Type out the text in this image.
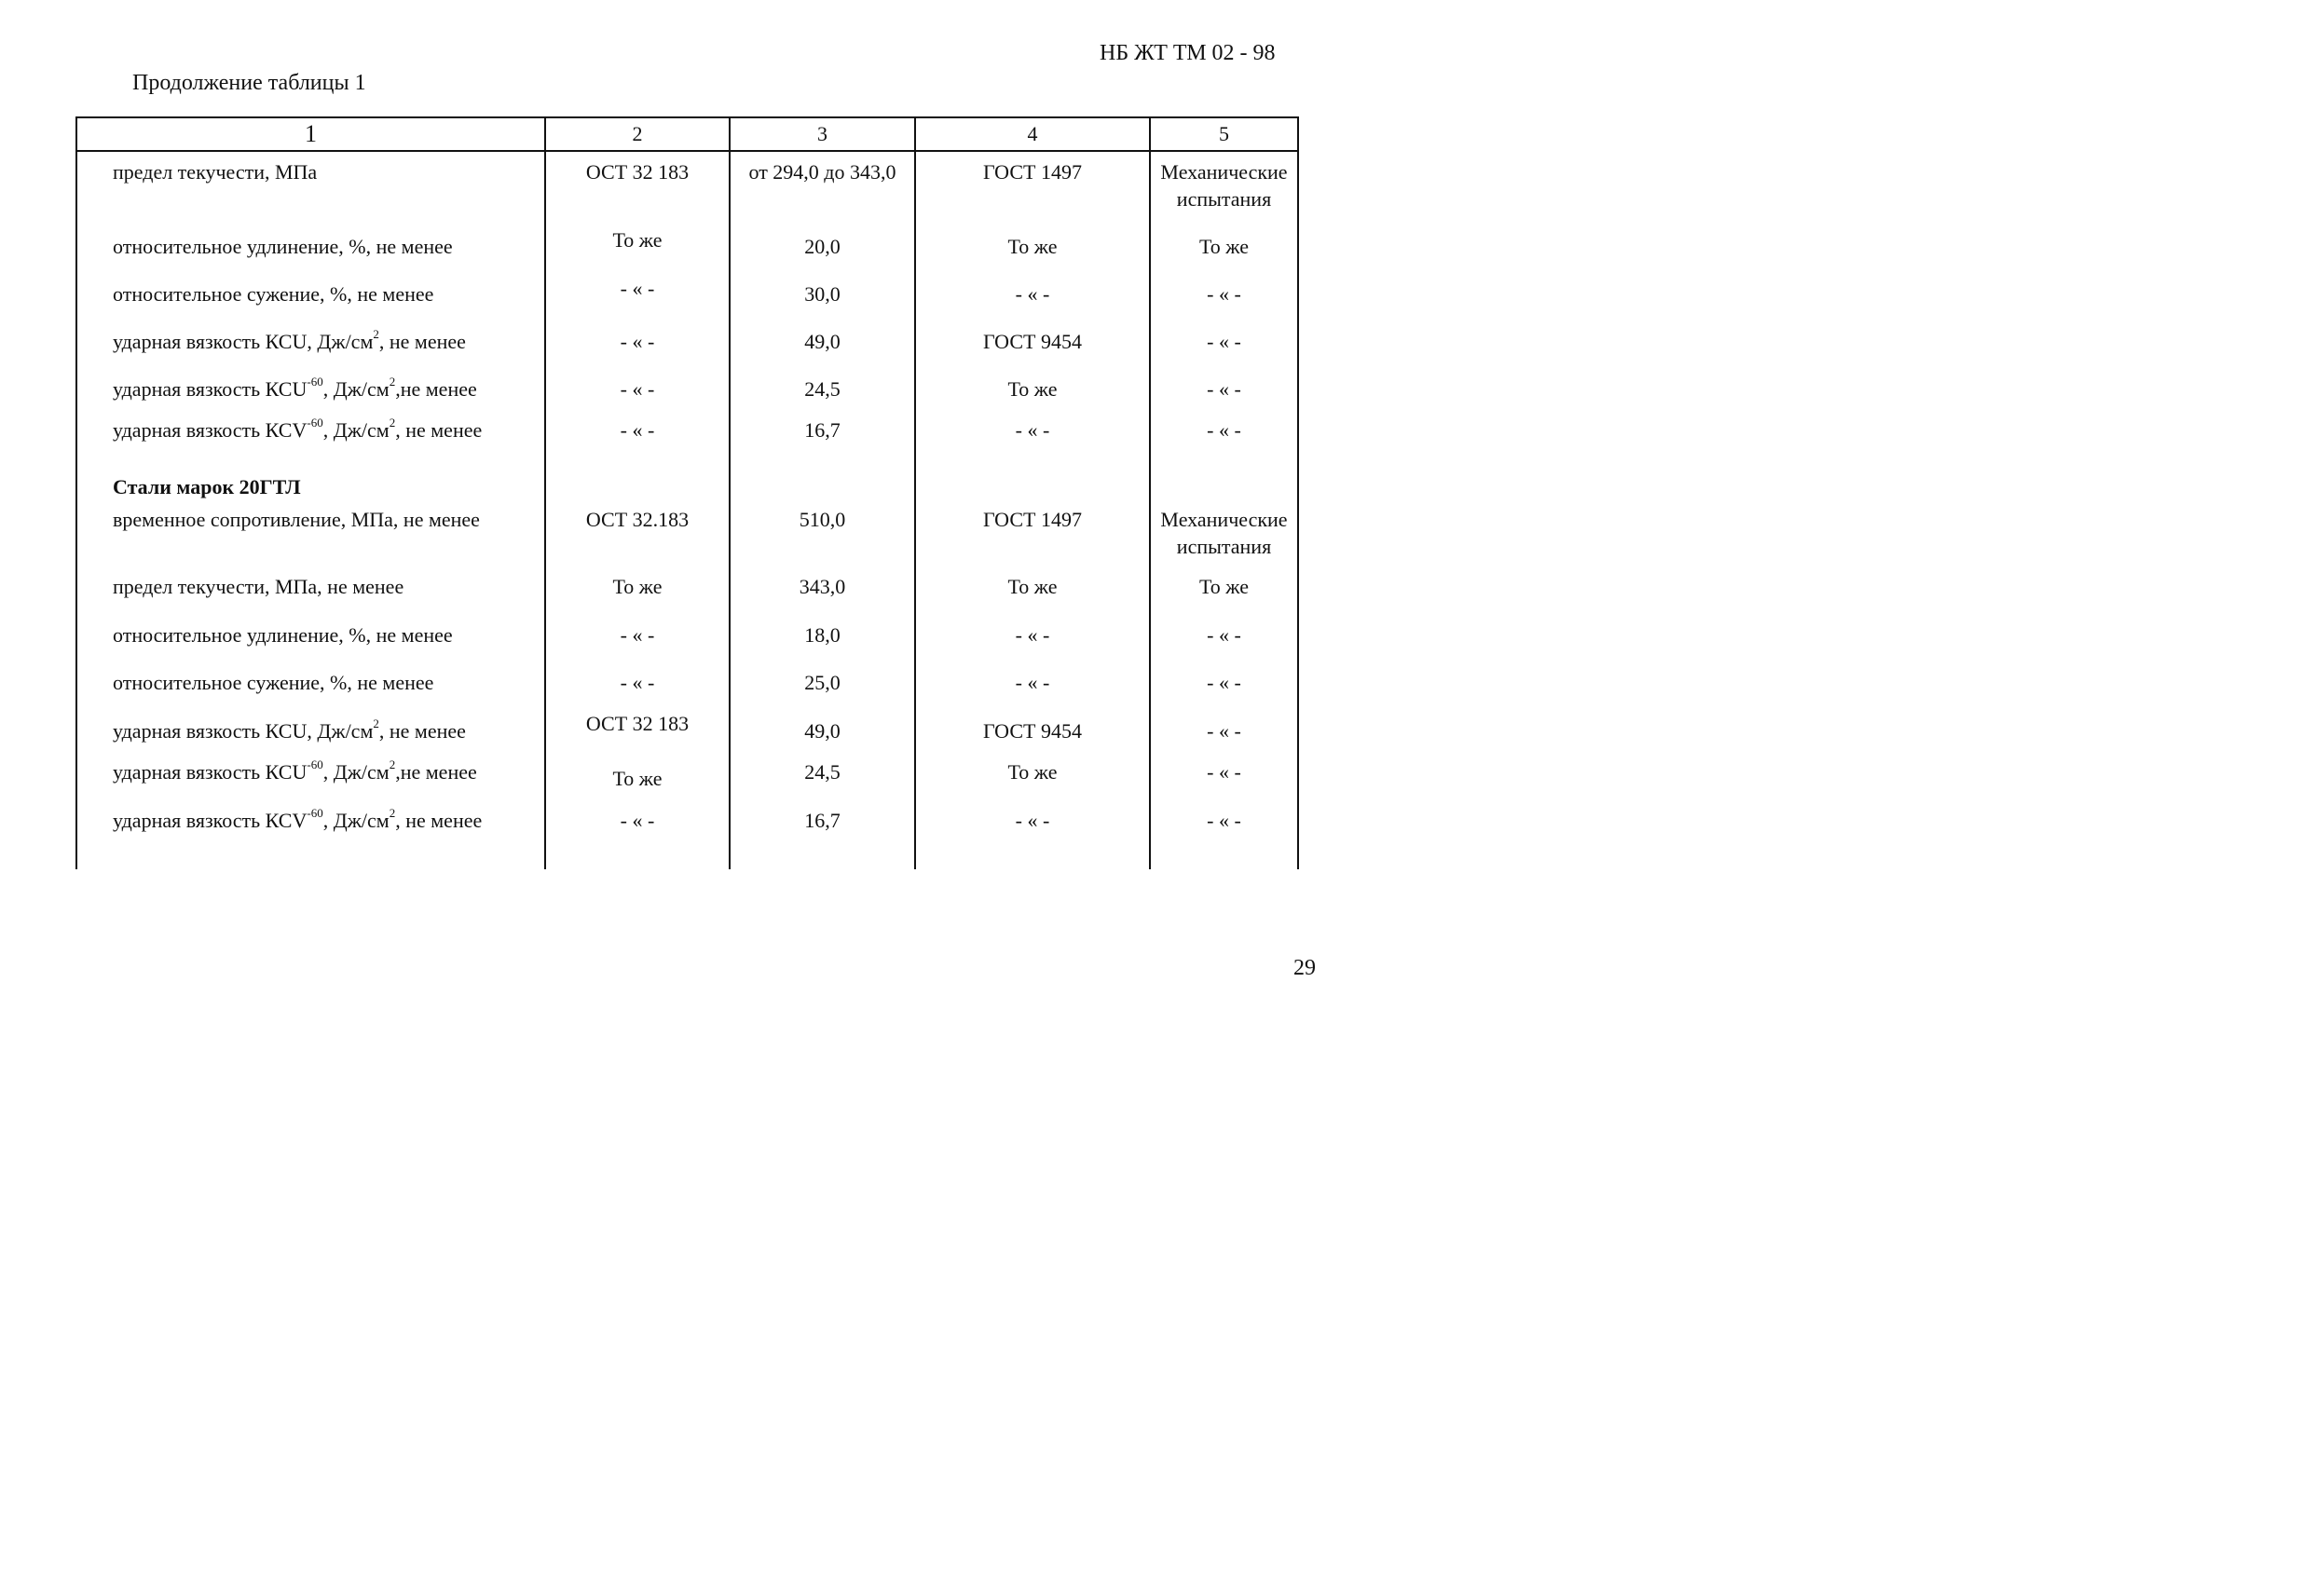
НБ ЖТ ТМ 02 - 98
Продолжение таблицы 1
1	2	3	4	5
предел текучести, МПа	ОСТ 32 183	от 294,0 до 343,0	ГОСТ 1497	Механические испытания
относительное удлинение, %, не менее	То же	20,0	То же	То же
относительное сужение, %, не менее	- « -	30,0	- « -	- « -
ударная вязкость КСU, $Дж/см^2$, не менее	- « -	49,0	ГОСТ 9454	- « -
ударная вязкость $КСU^{-60}$, $Дж/см^2,не$ менее	- « -	24,5	То же	- « -
ударная вязкость $КСV^{-60}$, $Дж/см^2$, не менее	- « -	16,7	- « -	- « -
Стали марок 20ГТЛ
временное сопротивление, МПа, не менее	ОСТ 32.183	510,0	ГОСТ 1497	Механические испытания
предел текучести, МПа, не менее	То же	343,0	То же	То же
относительное удлинение, %, не менее	- « -	18,0	- « -	- « -
относительное сужение, %, не менее	- « -	25,0	- « -	- « -
ударная вязкость КСU, $Дж/см^2$, не менее	ОСТ 32 183	49,0	ГОСТ 9454	- « -
ударная вязкость $КСU^{-60}$, $Дж/см^2,не$ менее	То же	24,5	То же	- « -
ударная вязкость $КСV^{-60}$, $Дж/см^2$, не менее	- « -	16,7	- « -	- « -
29
